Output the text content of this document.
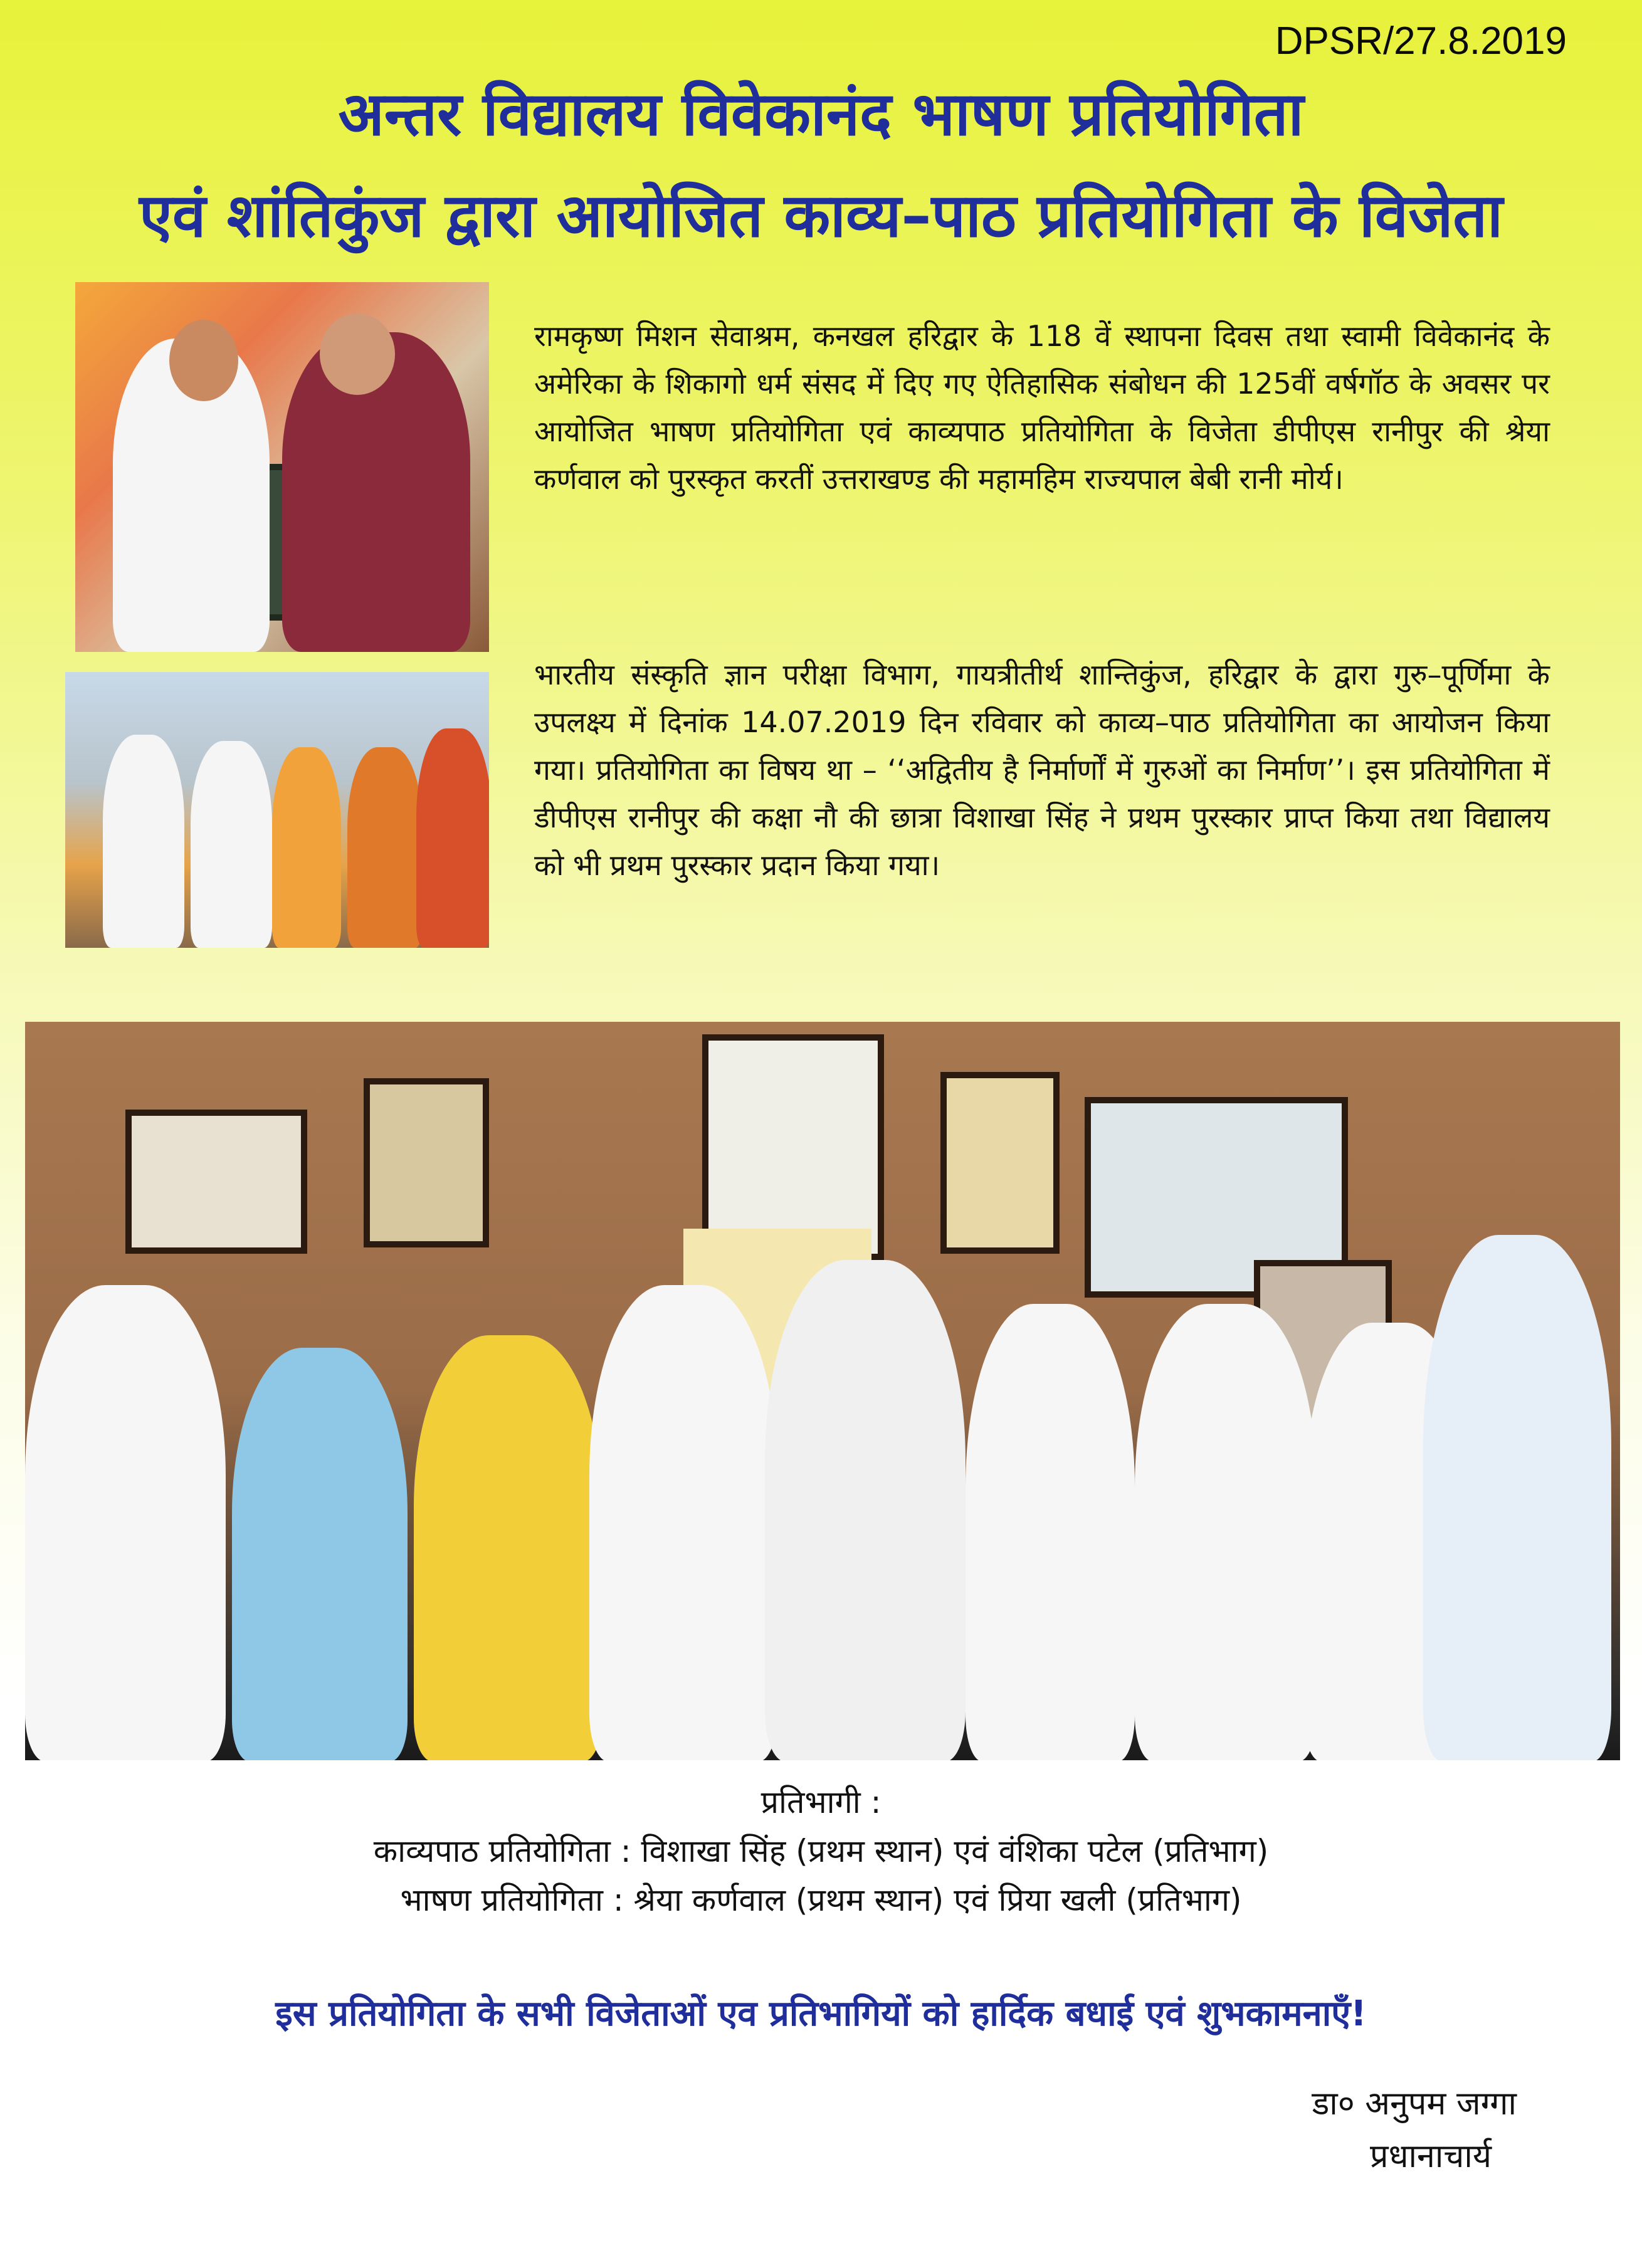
DPSR/27.8.2019
अन्तर विद्यालय विवेकानंद भाषण प्रतियोगिता
एवं शांतिकुंज द्वारा आयोजित काव्य–पाठ प्रतियोगिता के विजेता
रामकृष्ण मिशन सेवाश्रम, कनखल हरिद्वार के 118 वें स्थापना दिवस तथा स्वामी विवेकानंद के अमेरिका के शिकागो धर्म संसद में दिए गए ऐतिहासिक संबोधन की 125वीं वर्षगॉठ के अवसर पर आयोजित भाषण प्रतियोगिता एवं काव्यपाठ प्रतियोगिता के विजेता डीपीएस रानीपुर की श्रेया कर्णवाल को पुरस्कृत करतीं उत्तराखण्ड की महामहिम राज्यपाल बेबी रानी मोर्य।
भारतीय संस्कृति ज्ञान परीक्षा विभाग, गायत्रीतीर्थ शान्तिकुुंज, हरिद्वार के द्वारा गुरु–पूर्णिमा के उपलक्ष्य में दिनांक 14.07.2019 दिन रविवार को काव्य–पाठ प्रतियोगिता का आयोजन किया गया। प्रतियोगिता का विषय था – ‘‘अद्वितीय है निर्मार्णों में गुरुओं का निर्माण’’। इस प्रतियोगिता में डीपीएस रानीपुर की कक्षा नौ की छात्रा विशाखा सिंह ने प्रथम पुरस्कार प्राप्त किया तथा विद्यालय को भी प्रथम पुरस्कार प्रदान किया गया।
प्रतिभागी :
काव्यपाठ प्रतियोगिता : विशाखा सिंह (प्रथम स्थान) एवं वंशिका पटेल (प्रतिभाग)
भाषण प्रतियोगिता : श्रेया कर्णवाल (प्रथम स्थान) एवं प्रिया खली (प्रतिभाग)
इस प्रतियोगिता के सभी विजेताओं एव प्रतिभागियों को हार्दिक बधाई एवं शुभकामनाएँ!
डा० अनुपम जग्गा
प्रधानाचार्य
